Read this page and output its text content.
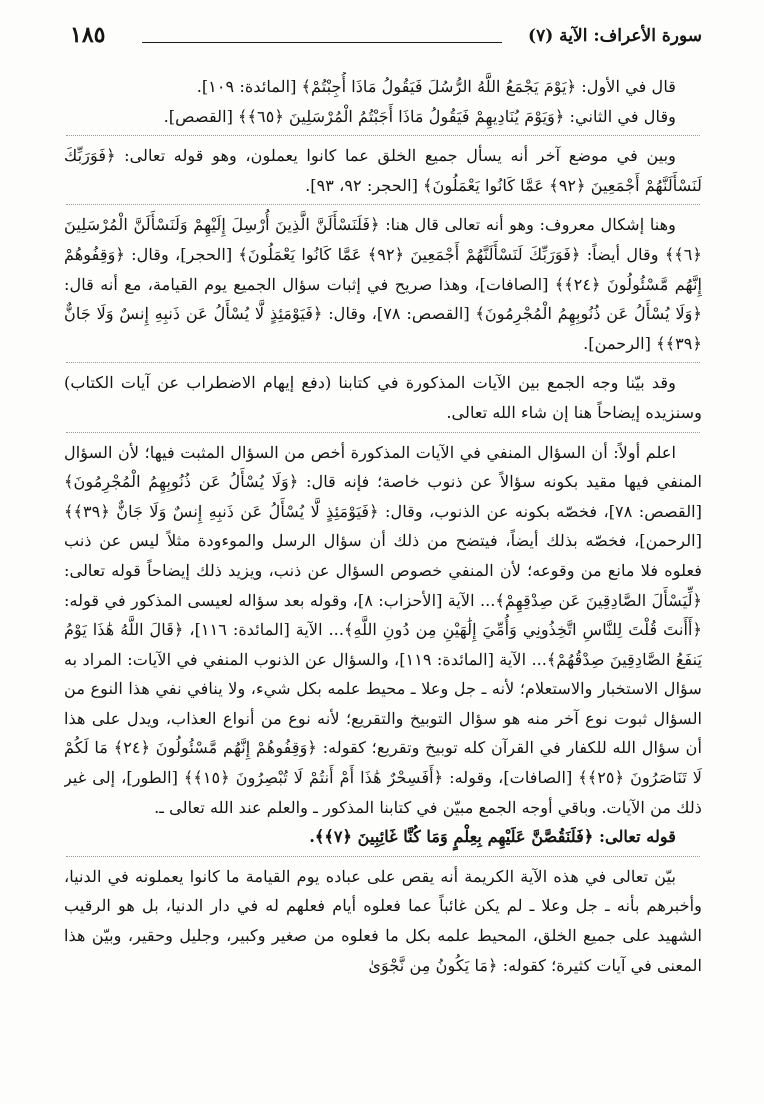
سورة الأعراف: الآية (٧)
١٨٥

قال في الأول: ﴿يَوْمَ يَجْمَعُ اللَّهُ الرُّسُلَ فَيَقُولُ مَاذَا أُجِبْتُمْ﴾ [المائدة: ١٠٩].

وقال في الثاني: ﴿وَيَوْمَ يُنَادِيهِمْ فَيَقُولُ مَاذَا أَجَبْتُمُ الْمُرْسَلِينَ ﴿٦٥﴾﴾ [القصص].

وبين في موضع آخر أنه يسأل جميع الخلق عما كانوا يعملون، وهو قوله تعالى: ﴿فَوَرَبِّكَ لَنَسْأَلَنَّهُمْ أَجْمَعِينَ ﴿٩٢﴾ عَمَّا كَانُوا يَعْمَلُونَ﴾ [الحجر: ٩٢، ٩٣].

وهنا إشكال معروف: وهو أنه تعالى قال هنا: ﴿فَلَنَسْأَلَنَّ الَّذِينَ أُرْسِلَ إِلَيْهِمْ وَلَنَسْأَلَنَّ الْمُرْسَلِينَ ﴿٦﴾﴾ وقال أيضاً: ﴿فَوَرَبِّكَ لَنَسْأَلَنَّهُمْ أَجْمَعِينَ ﴿٩٢﴾ عَمَّا كَانُوا يَعْمَلُونَ﴾ [الحجر]، وقال: ﴿وَقِفُوهُمْ إِنَّهُم مَّسْئُولُونَ ﴿٢٤﴾﴾ [الصافات]، وهذا صريح في إثبات سؤال الجميع يوم القيامة، مع أنه قال: ﴿وَلَا يُسْأَلُ عَن ذُنُوبِهِمُ الْمُجْرِمُونَ﴾ [القصص: ٧٨]، وقال: ﴿فَيَوْمَئِذٍ لَّا يُسْأَلُ عَن ذَنبِهِ إِنسٌ وَلَا جَانٌّ ﴿٣٩﴾﴾ [الرحمن].

وقد بيّنا وجه الجمع بين الآيات المذكورة في كتابنا (دفع إيهام الاضطراب عن آيات الكتاب) وسنزيده إيضاحاً هنا إن شاء الله تعالى.

اعلم أولاً: أن السؤال المنفي في الآيات المذكورة أخص من السؤال المثبت فيها؛ لأن السؤال المنفي فيها مقيد بكونه سؤالاً عن ذنوب خاصة؛ فإنه قال: ﴿وَلَا يُسْأَلُ عَن ذُنُوبِهِمُ الْمُجْرِمُونَ﴾ [القصص: ٧٨]، فخصّه بكونه عن الذنوب، وقال: ﴿فَيَوْمَئِذٍ لَّا يُسْأَلُ عَن ذَنبِهِ إِنسٌ وَلَا جَانٌّ ﴿٣٩﴾﴾ [الرحمن]، فخصّه بذلك أيضاً، فيتضح من ذلك أن سؤال الرسل والموءودة مثلاً ليس عن ذنب فعلوه فلا مانع من وقوعه؛ لأن المنفي خصوص السؤال عن ذنب، ويزيد ذلك إيضاحاً قوله تعالى: ﴿لِّيَسْأَلَ الصَّادِقِينَ عَن صِدْقِهِمْ﴾... الآية [الأحزاب: ٨]، وقوله بعد سؤاله لعيسى المذكور في قوله: ﴿أَأَنتَ قُلْتَ لِلنَّاسِ اتَّخِذُونِي وَأُمِّيَ إِلَٰهَيْنِ مِن دُونِ اللَّهِ﴾... الآية [المائدة: ١١٦]، ﴿قَالَ اللَّهُ هَٰذَا يَوْمُ يَنفَعُ الصَّادِقِينَ صِدْقُهُمْ﴾... الآية [المائدة: ١١٩]، والسؤال عن الذنوب المنفي في الآيات: المراد به سؤال الاستخبار والاستعلام؛ لأنه ـ جل وعلا ـ محيط علمه بكل شيء، ولا ينافي نفي هذا النوع من السؤال ثبوت نوع آخر منه هو سؤال التوبيخ والتقريع؛ لأنه نوع من أنواع العذاب، ويدل على هذا أن سؤال الله للكفار في القرآن كله توبيخ وتقريع؛ كقوله: ﴿وَقِفُوهُمْ إِنَّهُم مَّسْئُولُونَ ﴿٢٤﴾ مَا لَكُمْ لَا تَنَاصَرُونَ ﴿٢٥﴾﴾ [الصافات]، وقوله: ﴿أَفَسِحْرٌ هَٰذَا أَمْ أَنتُمْ لَا تُبْصِرُونَ ﴿١٥﴾﴾ [الطور]، إلى غير ذلك من الآيات. وباقي أوجه الجمع مبيّن في كتابنا المذكور ـ والعلم عند الله تعالى ـ.

قوله تعالى: ﴿فَلَنَقُصَّنَّ عَلَيْهِم بِعِلْمٍ وَمَا كُنَّا غَائِبِينَ ﴿٧﴾﴾.

بيّن تعالى في هذه الآية الكريمة أنه يقص على عباده يوم القيامة ما كانوا يعملونه في الدنيا، وأخبرهم بأنه ـ جل وعلا ـ لم يكن غائباً عما فعلوه أيام فعلهم له في دار الدنيا، بل هو الرقيب الشهيد على جميع الخلق، المحيط علمه بكل ما فعلوه من صغير وكبير، وجليل وحقير، وبيّن هذا المعنى في آيات كثيرة؛ كقوله: ﴿مَا يَكُونُ مِن نَّجْوَىٰ
